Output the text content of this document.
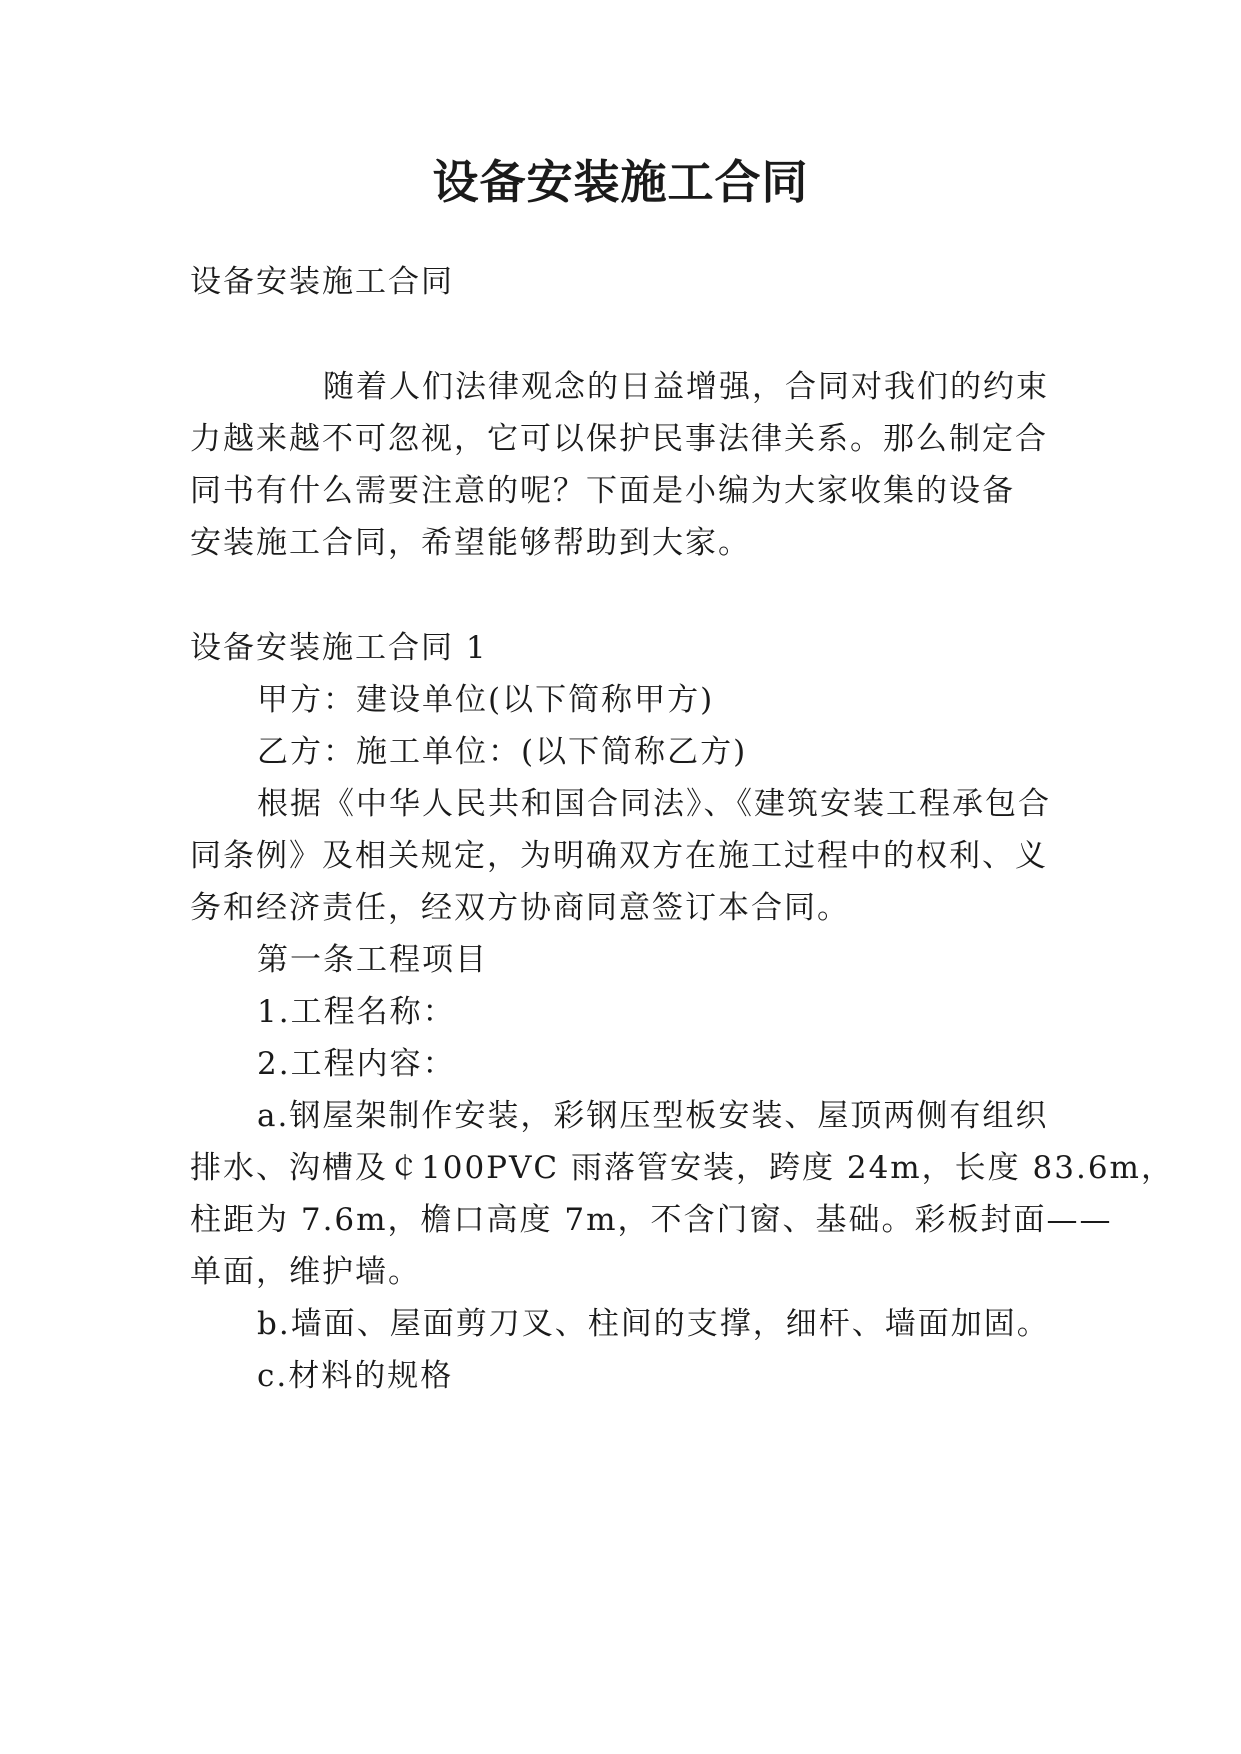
设备安装施工合同
设备安装施工合同
随着人们法律观念的日益增强，合同对我们的约束
力越来越不可忽视，它可以保护民事法律关系。那么制定合
同书有什么需要注意的呢？下面是小编为大家收集的设备
安装施工合同，希望能够帮助到大家。
设备安装施工合同 1
甲方：建设单位(以下简称甲方)
乙方：施工单位：(以下简称乙方)
根据《中华人民共和国合同法》、《建筑安装工程承包合
同条例》及相关规定，为明确双方在施工过程中的权利、义
务和经济责任，经双方协商同意签订本合同。
第一条工程项目
1.工程名称：
2.工程内容：
a.钢屋架制作安装，彩钢压型板安装、屋顶两侧有组织
排水、沟槽及￠100PVC 雨落管安装，跨度 24m，长度 83.6m，
柱距为 7.6m，檐口高度 7m，不含门窗、基础。彩板封面——
单面，维护墙。
b.墙面、屋面剪刀叉、柱间的支撑，细杆、墙面加固。
c.材料的规格
